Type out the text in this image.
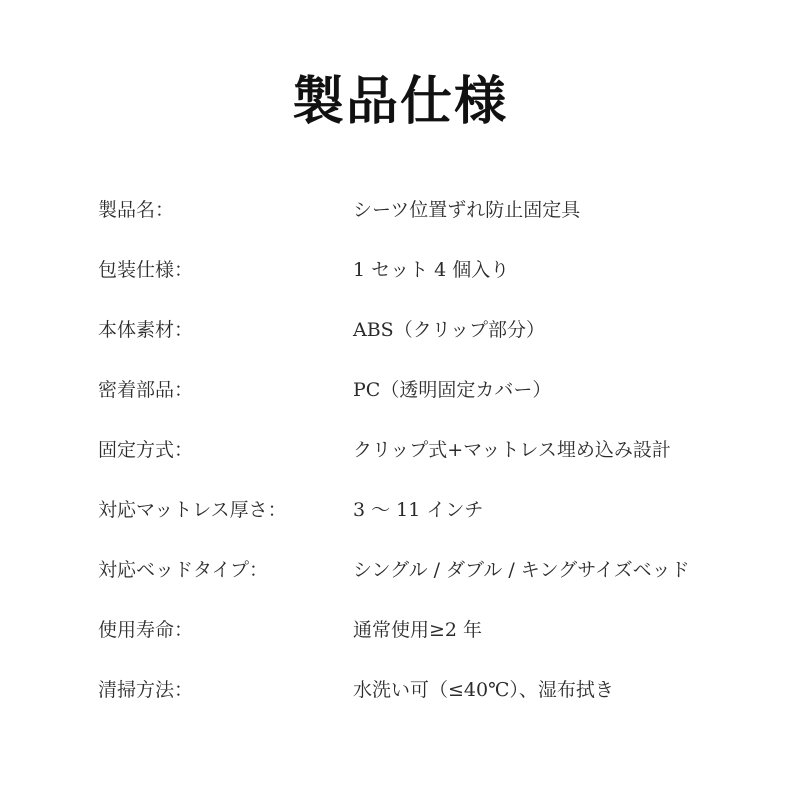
製品仕様
製品名：	シーツ位置ずれ防止固定具
包装仕様：	1 セット 4 個入り
本体素材：	ABS（クリップ部分）
密着部品：	PC（透明固定カバー）
固定方式：	クリップ式+マットレス埋め込み設計
対応マットレス厚さ：	3 ～ 11 インチ
対応ベッドタイプ：	シングル / ダブル / キングサイズベッド
使用寿命：	通常使用≥2 年
清掃方法：	水洗い可（≤40℃）、湿布拭き
